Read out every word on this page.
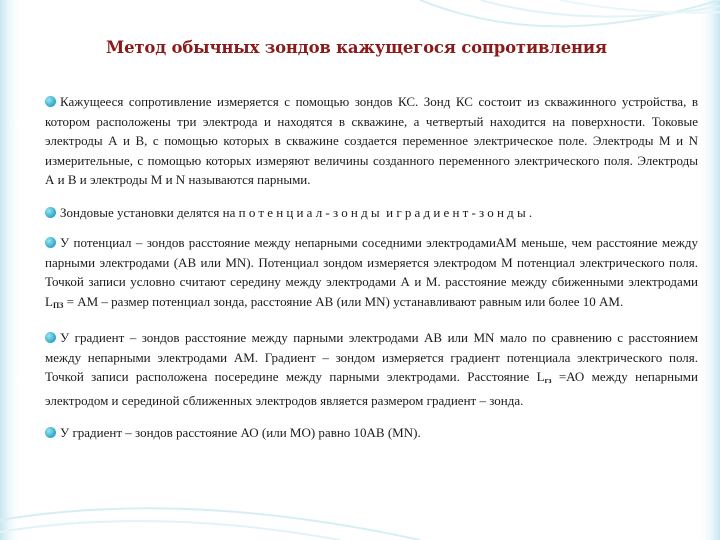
Метод обычных зондов кажущегося сопротивления

Кажущееся сопротивление измеряется с помощью зондов КС. Зонд КС состоит из скважинного устройства, в котором расположены три электрода и находятся в скважине, а четвертый находится на поверхности. Токовые электроды А и В, с помощью которых в скважине создается переменное электрическое поле. Электроды М и N измерительные, с помощью которых измеряют величины созданного переменного электрического поля. Электроды А и В и электроды М и N называются парными.

Зондовые установки делятся на потенциал-зонды и градиент-зонды.

У потенциал – зондов расстояние между непарными соседними электродамиАМ меньше, чем расстояние между парными электродами (АВ или MN). Потенциал зондом измеряется электродом М потенциал электрического поля. Точкой записи условно считают середину между электродами А и М. расстояние между сбиженными электродами $L_{ПЗ}$ = АМ – размер потенциал зонда, расстояние АВ (или MN) устанавливают равным или более 10 АМ.

У градиент – зондов расстояние между парными электродами АВ или MN мало по сравнению с расстоянием между непарными электродами АМ. Градиент – зондом измеряется градиент потенциала электрического поля. Точкой записи расположена посередине между парными электродами. Расстояние $L_{гз} =АО$ между непарными электродом и серединой сближенных электродов является размером градиент – зонда.

У градиент – зондов расстояние АО (или МО) равно 10АВ (MN).
